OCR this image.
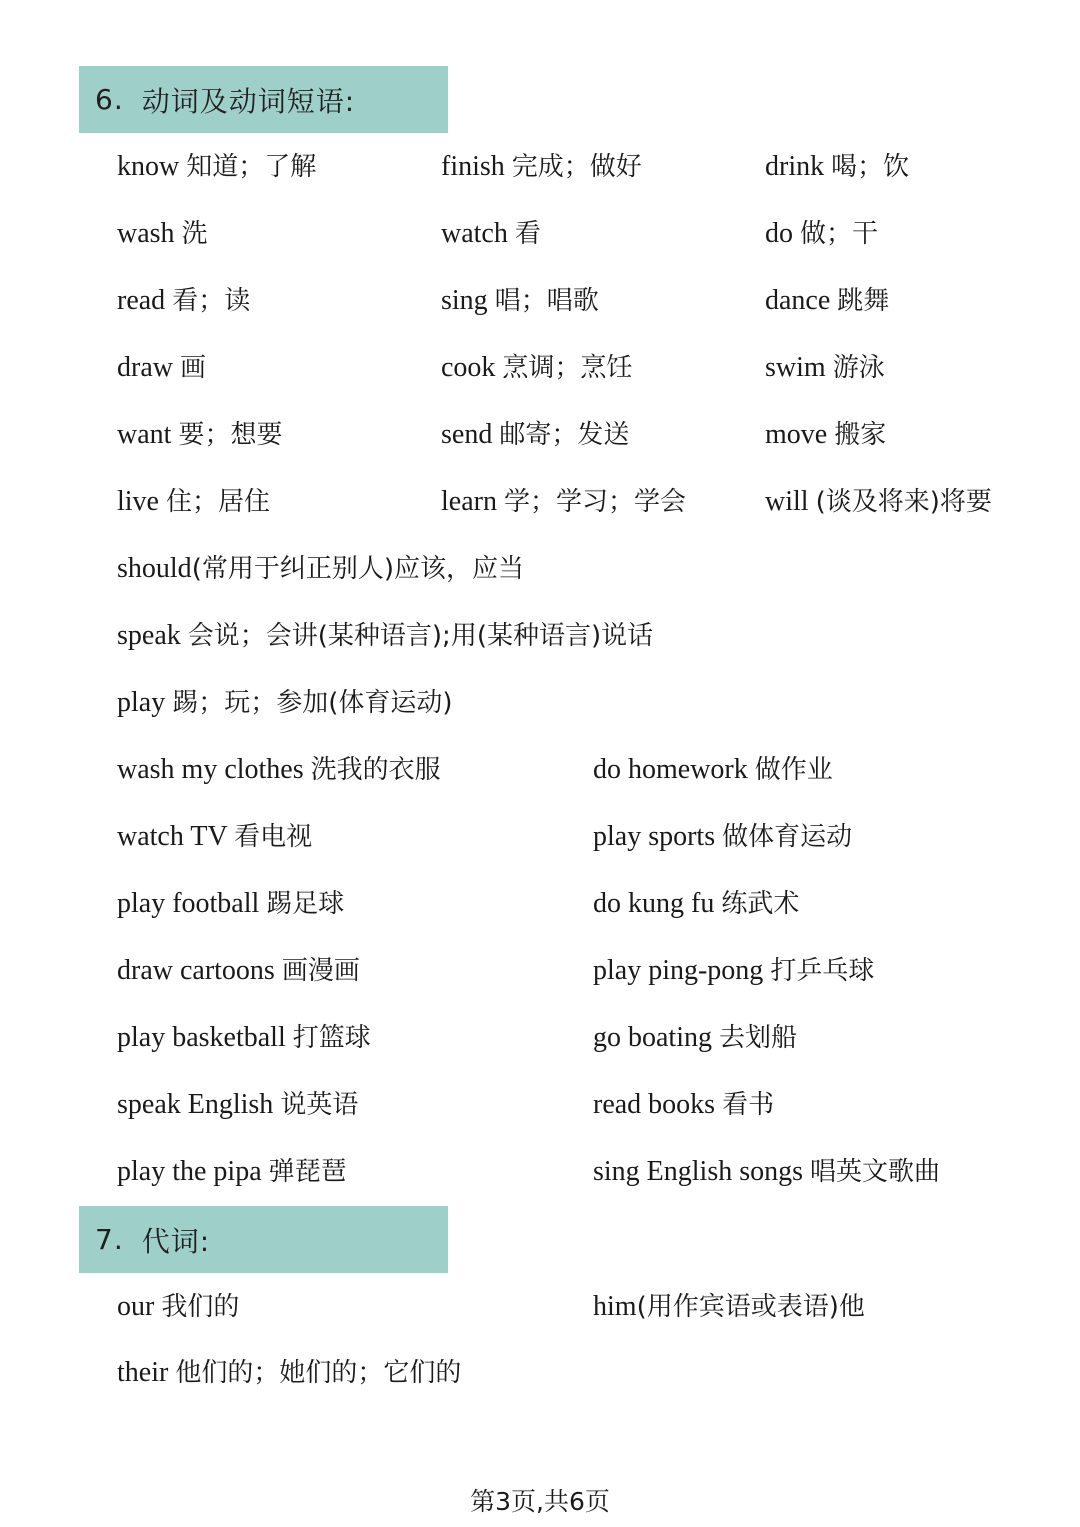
6. 动词及动词短语:
know 知道；了解	finish 完成；做好	drink 喝；饮
wash 洗	watch 看	do 做；干
read 看；读	sing 唱；唱歌	dance 跳舞
draw 画	cook 烹调；烹饪	swim 游泳
want 要；想要	send 邮寄；发送	move 搬家
live 住；居住	learn 学；学习；学会	will (谈及将来)将要
should(常用于纠正别人)应该，应当
speak 会说；会讲(某种语言);用(某种语言)说话
play 踢；玩；参加(体育运动)
wash my clothes 洗我的衣服	do homework 做作业
watch TV 看电视	play sports 做体育运动
play football 踢足球	do kung fu 练武术
draw cartoons 画漫画	play ping-pong 打乒乓球
play basketball 打篮球	go boating 去划船
speak English 说英语	read books 看书
play the pipa 弹琵琶	sing English songs 唱英文歌曲
7. 代词:
our 我们的	him(用作宾语或表语)他
their 他们的；她们的；它们的
第3页,共6页
